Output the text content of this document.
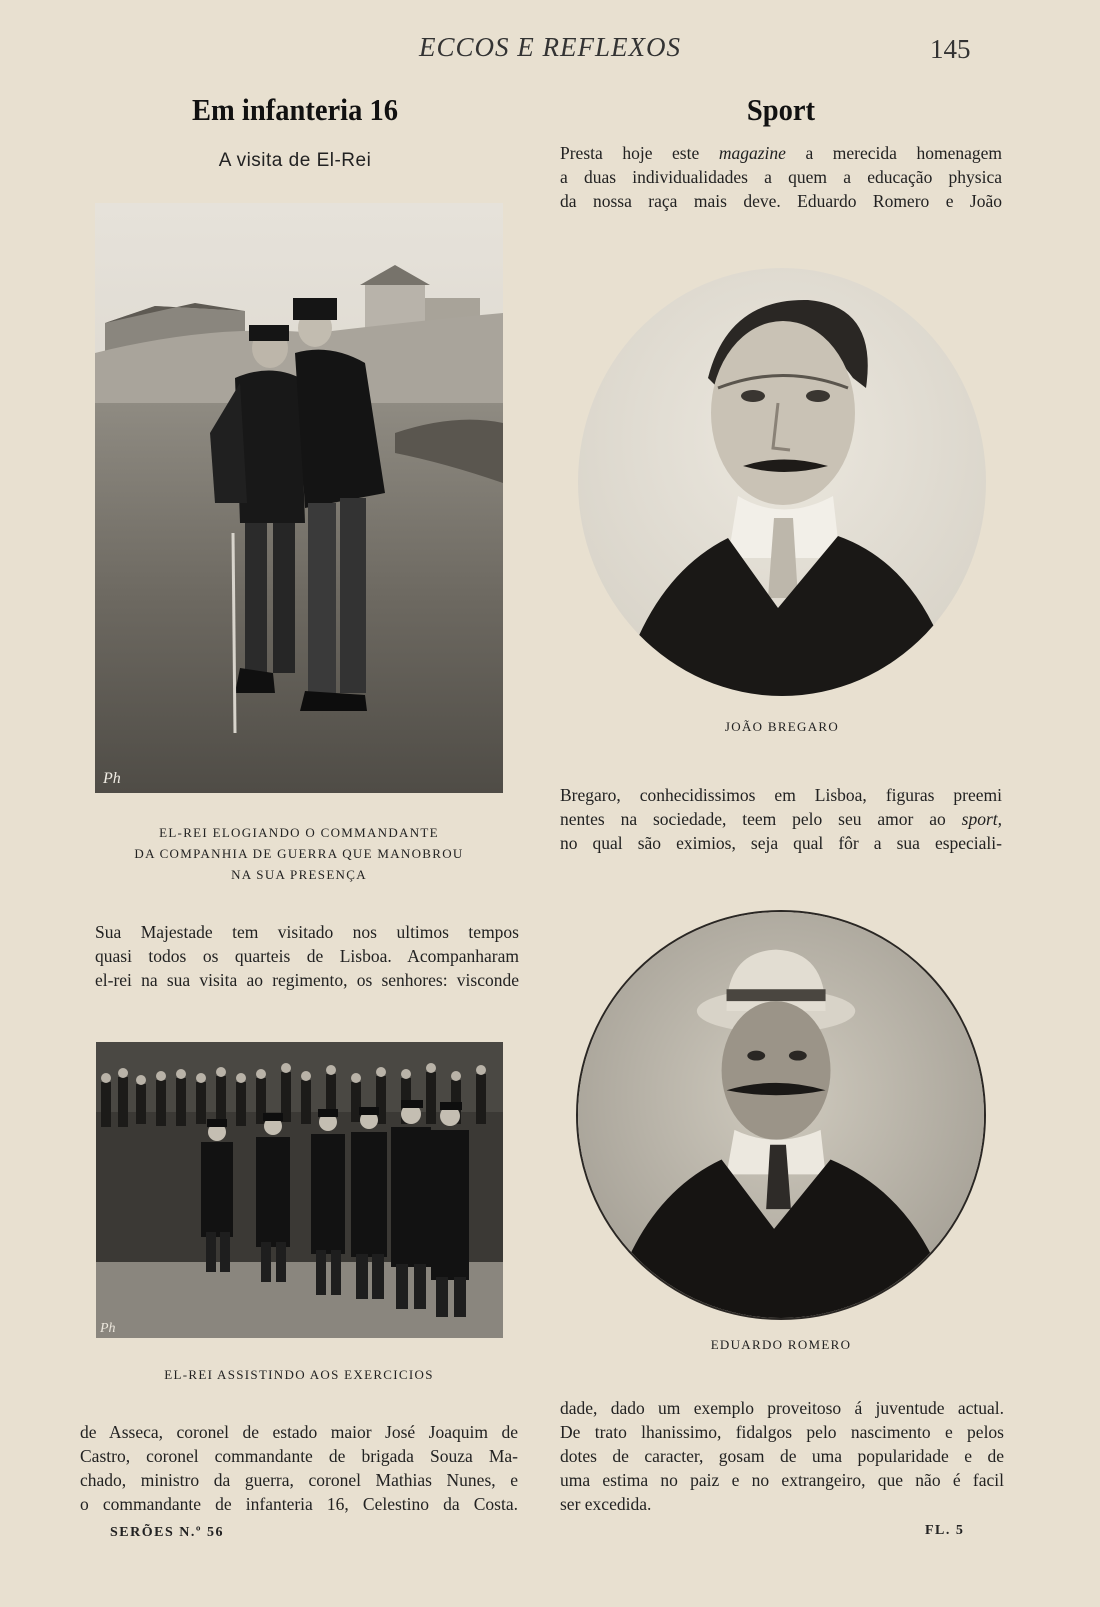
ECCOS E REFLEXOS	145
Em infanteria 16
A visita de El-Rei
Ph
EL-REI ELOGIANDO O COMMANDANTE
DA COMPANHIA DE GUERRA QUE MANOBROU
NA SUA PRESENÇA
Sua Majestade tem visitado nos ultimos tempos
quasi todos os quarteis de Lisboa. Acompanharam
el-rei na sua visita ao regimento, os senhores: visconde
Ph
EL-REI ASSISTINDO AOS EXERCICIOS
de Asseca, coronel de estado maior José Joaquim de
Castro, coronel commandante de brigada Souza Ma-
chado, ministro da guerra, coronel Mathias Nunes, e
o commandante de infanteria 16, Celestino da Costa.
Sport
Presta hoje este magazine a merecida homenagem
a duas individualidades a quem a educação physica
da nossa raça mais deve. Eduardo Romero e João
JOÃO BREGARO
Bregaro, conhecidissimos em Lisboa, figuras preemi
nentes na sociedade, teem pelo seu amor ao sport,
no qual são eximios, seja qual fôr a sua especiali-
EDUARDO ROMERO
dade, dado um exemplo proveitoso á juventude actual.
De trato lhanissimo, fidalgos pelo nascimento e pelos
dotes de caracter, gosam de uma popularidade e de
uma estima no paiz e no extrangeiro, que não é facil
ser excedida.
SERÕES N.º 56	FL. 5
